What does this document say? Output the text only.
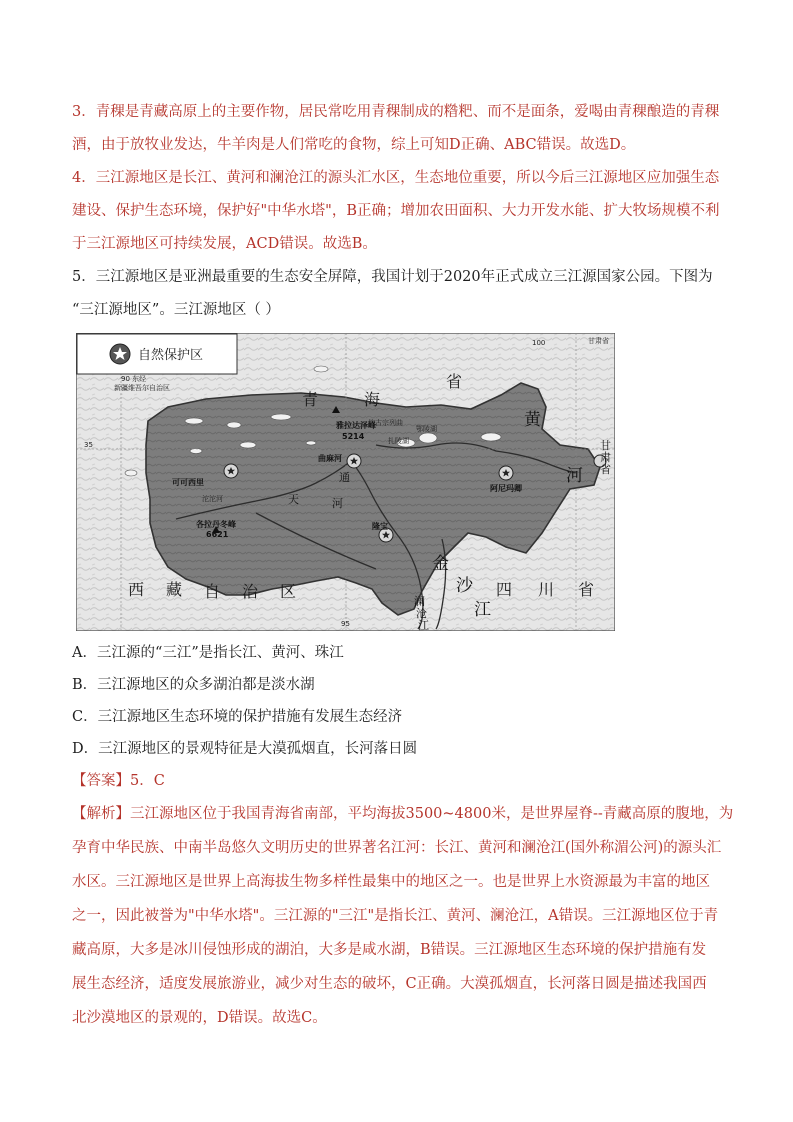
3．青稞是青藏高原上的主要作物，居民常吃用青稞制成的糌粑、而不是面条，爱喝由青稞酿造的青稞
酒，由于放牧业发达，牛羊肉是人们常吃的食物，综上可知D正确、ABC错误。故选D。
4．三江源地区是长江、黄河和澜沧江的源头汇水区，生态地位重要，所以今后三江源地区应加强生态
建设、保护生态环境，保护好"中华水塔"，B正确；增加农田面积、大力开发水能、扩大牧场规模不利
于三江源地区可持续发展，ACD错误。故选B。
5．三江源地区是亚洲最重要的生态安全屏障，我国计划于2020年正式成立三江源国家公园。下图为
“三江源地区”。三江源地区（ ）
自然保护区
90 东经
新疆维吾尔自治区
35
95
100	甘肃省
扎陵湖
鄂陵湖
约古宗列曲
沱沱河
可可西里
曲麻河
雅拉达泽峰
5214
各拉丹冬峰
6621
隆宝
阿尼玛卿
青	海
省
西 藏 自 治 区	四 川 省
黄
河
金
沙
江
通
天	河
澜
沧
江
甘
肃
省

A．三江源的“三江”是指长江、黄河、珠江

B．三江源地区的众多湖泊都是淡水湖

C．三江源地区生态环境的保护措施有发展生态经济

D．三江源地区的景观特征是大漠孤烟直，长河落日圆

【答案】5．C

【解析】三江源地区位于我国青海省南部，平均海拔3500~4800米，是世界屋脊--青藏高原的腹地，为
孕育中华民族、中南半岛悠久文明历史的世界著名江河：长江、黄河和澜沧江(国外称湄公河)的源头汇
水区。三江源地区是世界上高海拔生物多样性最集中的地区之一。也是世界上水资源最为丰富的地区
之一，因此被誉为"中华水塔"。三江源的"三江"是指长江、黄河、澜沧江，A错误。三江源地区位于青
藏高原，大多是冰川侵蚀形成的湖泊，大多是咸水湖，B错误。三江源地区生态环境的保护措施有发
展生态经济，适度发展旅游业，减少对生态的破坏，C正确。大漠孤烟直，长河落日圆是描述我国西
北沙漠地区的景观的，D错误。故选C。
